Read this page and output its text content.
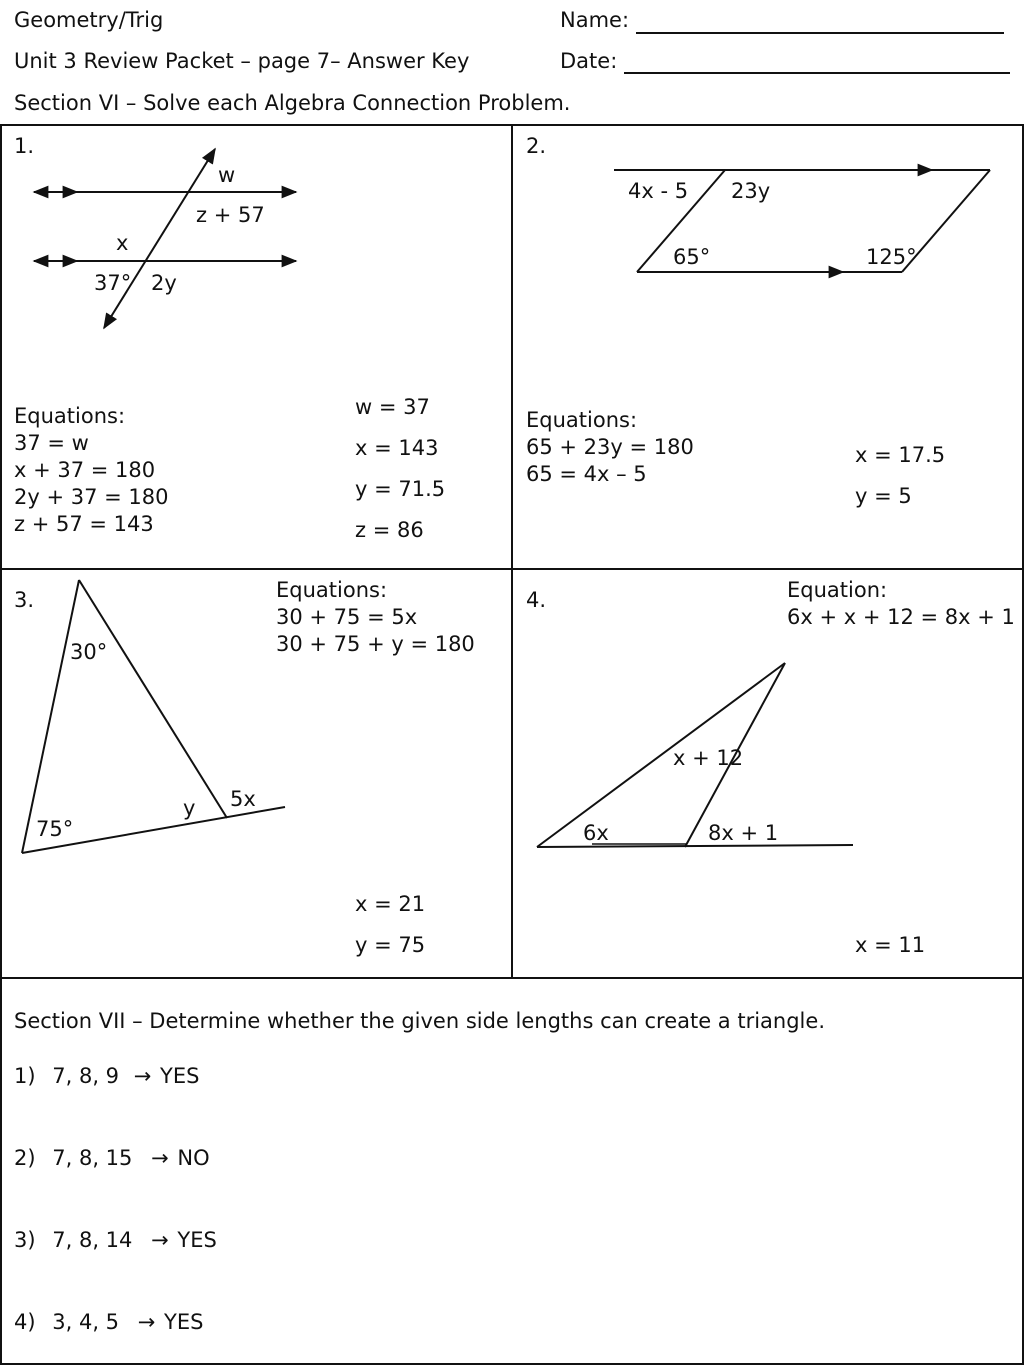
Geometry/Trig	Name:
Unit 3 Review Packet – page 7– Answer Key	Date:
Section VI – Solve each Algebra Connection Problem.
1.
w
z + 57
x
37° 2y
Equations:
37 = w
x + 37 = 180
2y + 37 = 180
z + 57 = 143
w = 37
x = 143
y = 71.5
z = 86
2.
4x - 5 23y
65°	125°
Equations:
65 + 23y = 180
65 = 4x – 5
x = 17.5
y = 5
3.
30°
75°
y 5x
Equations:
30 + 75 = 5x
30 + 75 + y = 180
x = 21
y = 75
4.
x + 12
6x	8x + 1
Equation:
6x + x + 12 = 8x + 1
x = 11
Section VII – Determine whether the given side lengths can create a triangle.
1) 7, 8, 9 → YES
2) 7, 8, 15 → NO
3) 7, 8, 14 → YES
4) 3, 4, 5 → YES
